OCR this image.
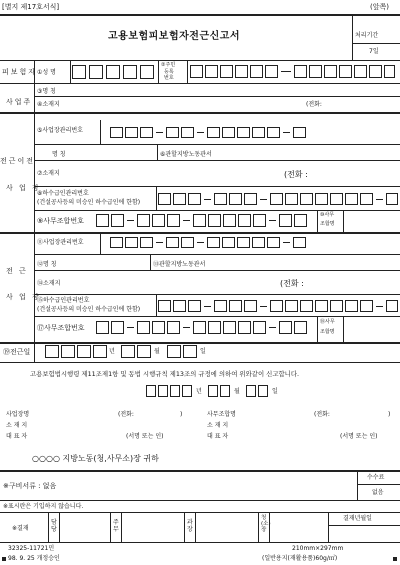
[별지 제17호서식]	(앞쪽)
고용보험피보험자전근신고서	처리기간
7일
피보험자 ①성 명
②주민
등록
번호
사업주
③명 칭
④소재지	(전화:
전근이전
사 업 장
⑤사업장관리번호
명 칭	⑥관할지방노동관서
⑦소재지	(전화 :
⑧하수급인관리번호
(건설공사등의 미승인 하수급인에 한함)
⑨사무조합번호
⑩사무
조합명
전 근
사 업 장
⑪사업장관리번호
⑫명 칭	⑬관할지방노동관서
⑭소재지	(전화 :
⑮하수급인관리번호
(건설공사등의 미승인 하수급인에 한함)
⑰사무조합번호
⑱사무
조합명
⑲전근일	년	월	일
고용보험법시행령 제11조제1항 및 동법 시행규칙 제13조의 규정에 의하여 위와같이 신고합니다.
년	월	일
사업장명	(전화:	)
소 재 지
대 표 자	(서명 또는 인)
사무조합명	(전화:	)
소 재 지
대 표 자	(서명 또는 인)
○○○○ 지방노동(청,사무소)장 귀하
※구비서류 : 없음
수수료
없음
※표시란은 기입하지 않습니다.
※결재
담당
주무
과장
청(소)장
결재년월일
32325-11721민
98. 9. 25 개정승인
210mm×297mm
(일반용지(재활용품)60g/㎡)
